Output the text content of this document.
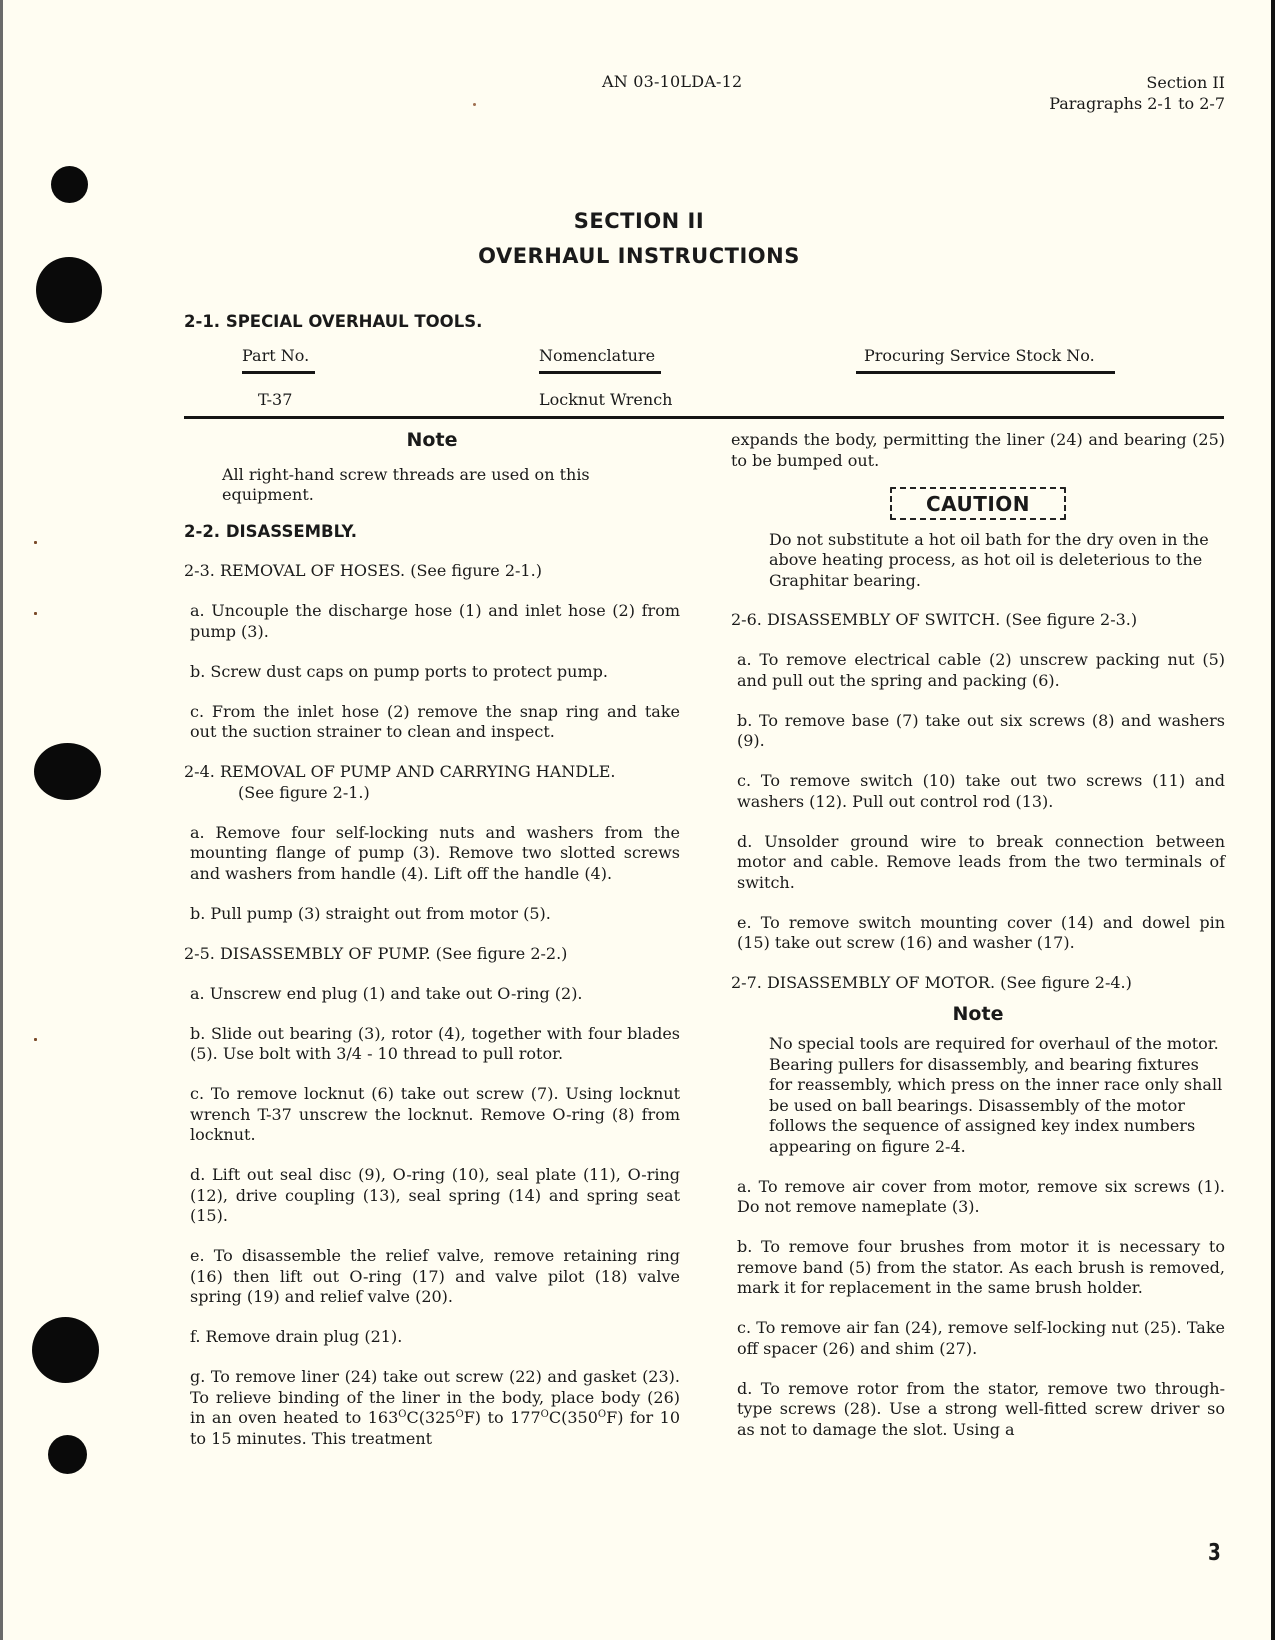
AN 03-10LDA-12	Section II
Paragraphs 2-1 to 2-7
SECTION II
OVERHAUL INSTRUCTIONS
2-1. SPECIAL OVERHAUL TOOLS.
Part No.	Nomenclature	Procuring Service Stock No.
T-37	Locknut Wrench
Note
All right-hand screw threads are used on this equipment.
2-2. DISASSEMBLY.
2-3. REMOVAL OF HOSES. (See figure 2-1.)
a. Uncouple the discharge hose (1) and inlet hose (2) from pump (3).
b. Screw dust caps on pump ports to protect pump.
c. From the inlet hose (2) remove the snap ring and take out the suction strainer to clean and inspect.
2-4. REMOVAL OF PUMP AND CARRYING HANDLE.
(See figure 2-1.)
a. Remove four self-locking nuts and washers from the mounting flange of pump (3). Remove two slotted screws and washers from handle (4). Lift off the handle (4).
b. Pull pump (3) straight out from motor (5).
2-5. DISASSEMBLY OF PUMP. (See figure 2-2.)
a. Unscrew end plug (1) and take out O-ring (2).
b. Slide out bearing (3), rotor (4), together with four blades (5). Use bolt with 3/4 - 10 thread to pull rotor.
c. To remove locknut (6) take out screw (7). Using locknut wrench T-37 unscrew the locknut. Remove O-ring (8) from locknut.
d. Lift out seal disc (9), O-ring (10), seal plate (11), O-ring (12), drive coupling (13), seal spring (14) and spring seat (15).
e. To disassemble the relief valve, remove retaining ring (16) then lift out O-ring (17) and valve pilot (18) valve spring (19) and relief valve (20).
f. Remove drain plug (21).
g. To remove liner (24) take out screw (22) and gasket (23). To relieve binding of the liner in the body, place body (26) in an oven heated to $163^OC(325^OF)$ to $177^OC(350^OF)$ for 10 to 15 minutes. This treatment
expands the body, permitting the liner (24) and bearing (25) to be bumped out.
CAUTION
Do not substitute a hot oil bath for the dry oven in the above heating process, as hot oil is deleterious to the Graphitar bearing.
2-6. DISASSEMBLY OF SWITCH. (See figure 2-3.)
a. To remove electrical cable (2) unscrew packing nut (5) and pull out the spring and packing (6).
b. To remove base (7) take out six screws (8) and washers (9).
c. To remove switch (10) take out two screws (11) and washers (12). Pull out control rod (13).
d. Unsolder ground wire to break connection between motor and cable. Remove leads from the two terminals of switch.
e. To remove switch mounting cover (14) and dowel pin (15) take out screw (16) and washer (17).
2-7. DISASSEMBLY OF MOTOR. (See figure 2-4.)
Note
No special tools are required for overhaul of the motor. Bearing pullers for disassembly, and bearing fixtures for reassembly, which press on the inner race only shall be used on ball bearings. Disassembly of the motor follows the sequence of assigned key index numbers appearing on figure 2-4.
a. To remove air cover from motor, remove six screws (1). Do not remove nameplate (3).
b. To remove four brushes from motor it is necessary to remove band (5) from the stator. As each brush is removed, mark it for replacement in the same brush holder.
c. To remove air fan (24), remove self-locking nut (25). Take off spacer (26) and shim (27).
d. To remove rotor from the stator, remove two through-type screws (28). Use a strong well-fitted screw driver so as not to damage the slot. Using a
3
